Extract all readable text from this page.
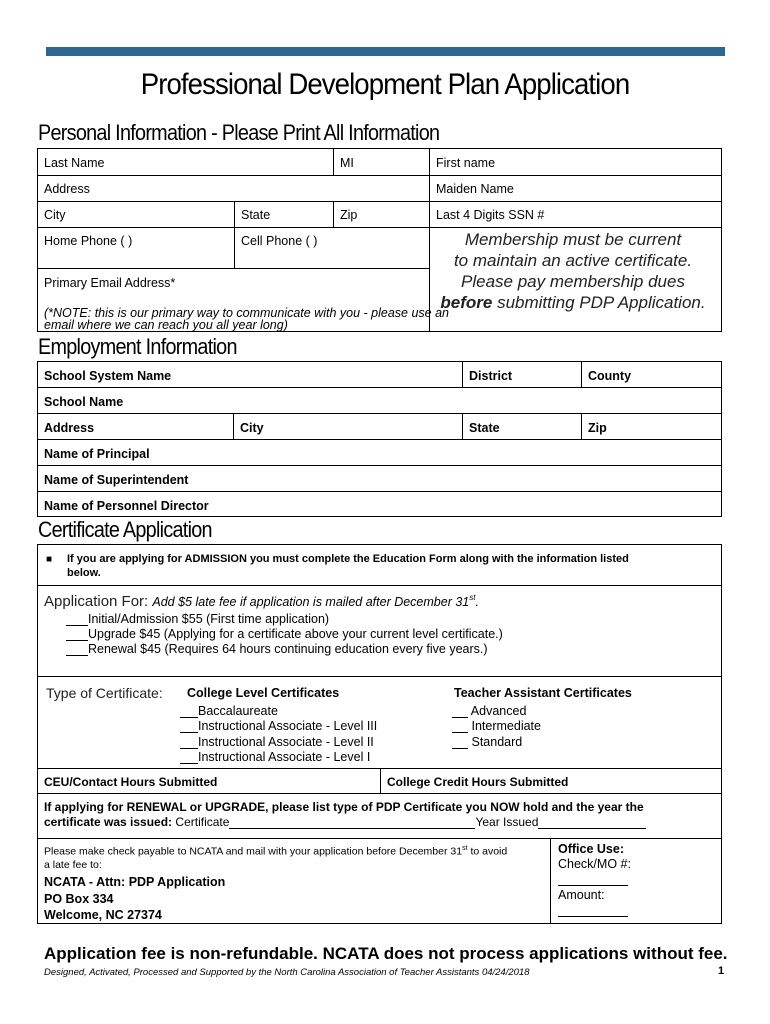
Professional Development Plan Application
Personal Information - Please Print All Information
Last Name	MI	First name
Address	Maiden Name
City	State	Zip	Last 4 Digits SSN #
Home Phone ( )	Cell Phone ( )
Primary Email Address*
(*NOTE: this is our primary way to communicate with you - please use an
email where we can reach you all year long)
Membership must be current
to maintain an active certificate.
Please pay membership dues
before submitting PDP Application.
Employment Information
School System Name	District	County
School Name
Address	City	State	Zip
Name of Principal
Name of Superintendent
Name of Personnel Director
Certificate Application
■ If you are applying for ADMISSION you must complete the Education Form along with the information listed
below.
Application For: Add $5 late fee if application is mailed after December 31st.
Initial/Admission $55 (First time application)
Upgrade $45 (Applying for a certificate above your current level certificate.)
Renewal $45 (Requires 64 hours continuing education every five years.)
Type of Certificate: College Level Certificates
Baccalaureate
Instructional Associate - Level III
Instructional Associate - Level II
Instructional Associate - Level I
Teacher Assistant Certificates
Advanced
Intermediate
Standard
CEU/Contact Hours Submitted	College Credit Hours Submitted
If applying for RENEWAL or UPGRADE, please list type of PDP Certificate you NOW hold and the year the
certificate was issued: Certificate	Year Issued
Please make check payable to NCATA and mail with your application before December 31st to avoid
a late fee to:
NCATA - Attn: PDP Application
PO Box 334
Welcome, NC 27374
Office Use:
Check/MO #:
Amount:
Application fee is non-refundable. NCATA does not process applications without fee.
Designed, Activated, Processed and Supported by the North Carolina Association of Teacher Assistants 04/24/2018	1
